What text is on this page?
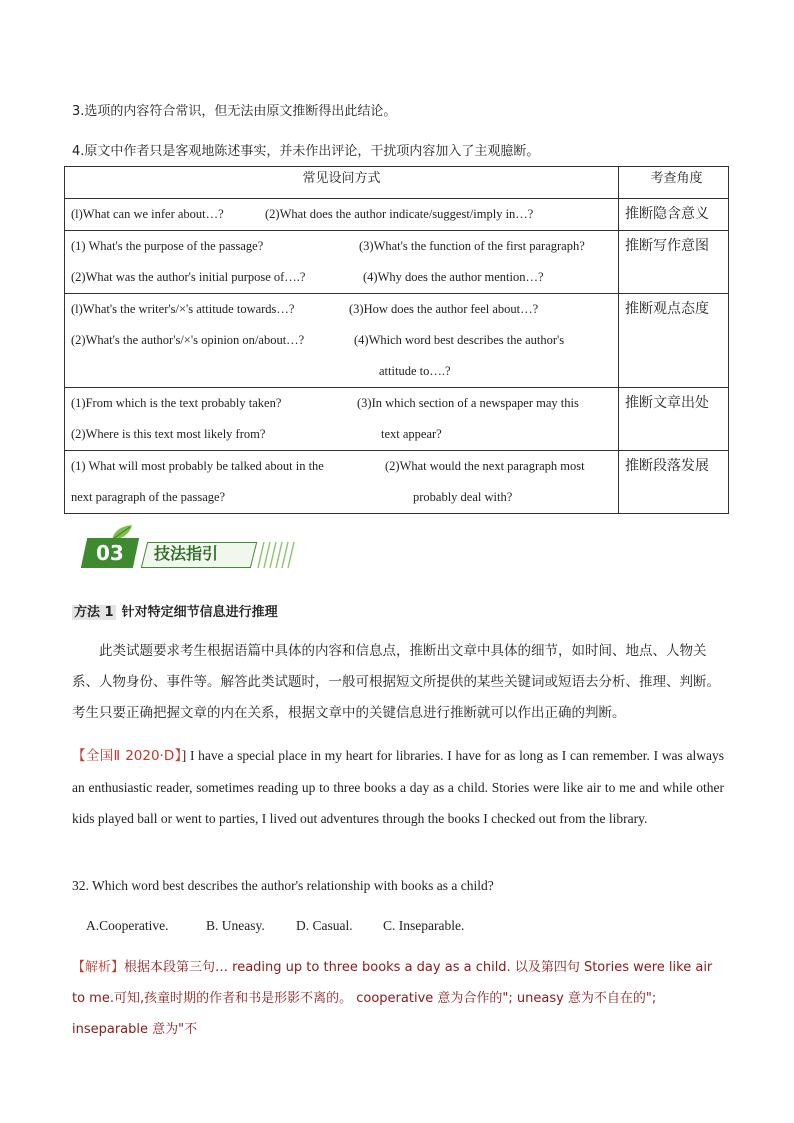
3.选项的内容符合常识，但无法由原文推断得出此结论。
4.原文中作者只是客观地陈述事实，并未作出评论，干扰项内容加入了主观臆断。
常见设问方式	考查角度

(l)What can we infer about…? (2)What does the author indicate/suggest/imply in…?	推断隐含意义

(1) What's the purpose of the passage? (3)What's the function of the first paragraph?
(2)What was the author's initial purpose of….? (4)Why does the author mention…?	推断写作意图

(l)What's the writer's/×'s attitude towards…? (3)How does the author feel about…?
(2)What's the author's/×'s opinion on/about…? (4)Which word best describes the author's
attitude to….?	推断观点态度

(1)From which is the text probably taken? (3)In which section of a newspaper may this
(2)Where is this text most likely from? text appear?	推断文章出处

(1) What will most probably be talked about in the (2)What would the next paragraph most
next paragraph of the passage? probably deal with?	推断段落发展
03	技法指引
方法 1 针对特定细节信息进行推理
此类试题要求考生根据语篇中具体的内容和信息点，推断出文章中具体的细节，如时间、地点、人物关系、人物身份、事件等。解答此类试题时，一般可根据短文所提供的某些关键词或短语去分析、推理、判断。考生只要正确把握文章的内在关系，根据文章中的关键信息进行推断就可以作出正确的判断。
【全国Ⅱ 2020·D】] I have a special place in my heart for libraries. I have for as long as I can remember. I was always an enthusiastic reader, sometimes reading up to three books a day as a child. Stories were like air to me and while other kids played ball or went to parties, I lived out adventures through the books I checked out from the library.
32. Which word best describes the author's relationship with books as a child?
A.Cooperative.	B. Uneasy. D. Casual. C. Inseparable.
【解析】根据本段第三句… reading up to three books a day as a child. 以及第四句 Stories were like air to me.可知,孩童时期的作者和书是形影不离的。 cooperative 意为合作的"; uneasy 意为不自在的"; inseparable 意为"不
